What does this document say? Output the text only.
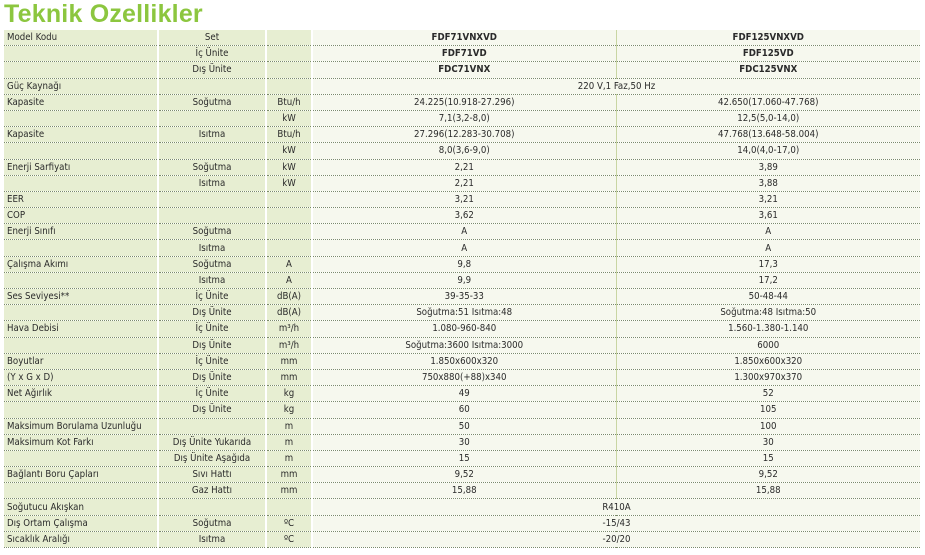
Teknik Ozellikler
Model Kodu	Set		FDF71VNXVD	FDF125VNXVD
	İç Ünite		FDF71VD	FDF125VD
	Dış Ünite		FDC71VNX	FDC125VNX
Güç Kaynağı			220 V,1 Faz,50 Hz	
Kapasite	Soğutma	Btu/h	24.225(10.918-27.296)	42.650(17.060-47.768)
		kW	7,1(3,2-8,0)	12,5(5,0-14,0)
Kapasite	Isıtma	Btu/h	27.296(12.283-30.708)	47.768(13.648-58.004)
		kW	8,0(3,6-9,0)	14,0(4,0-17,0)
Enerji Sarfiyatı	Soğutma	kW	2,21	3,89
	Isıtma	kW	2,21	3,88
EER			3,21	3,21
COP			3,62	3,61
Enerji Sınıfı	Soğutma		A	A
	Isıtma		A	A
Çalışma Akımı	Soğutma	A	9,8	17,3
	Isıtma	A	9,9	17,2
Ses Seviyesi**	İç Ünite	dB(A)	39-35-33	50-48-44
	Dış Ünite	dB(A)	Soğutma:51 Isıtma:48	Soğutma:48 Isıtma:50
Hava Debisi	İç Ünite	m³/h	1.080-960-840	1.560-1.380-1.140
	Dış Ünite	m³/h	Soğutma:3600 Isıtma:3000	6000
Boyutlar	İç Ünite	mm	1.850x600x320	1.850x600x320
(Y x G x D)	Dış Ünite	mm	750x880(+88)x340	1.300x970x370
Net Ağırlık	İç Ünite	kg	49	52
	Dış Ünite	kg	60	105
Maksimum Borulama Uzunluğu		m	50	100
Maksimum Kot Farkı	Dış Ünite Yukarıda	m	30	30
	Dış Ünite Aşağıda	m	15	15
Bağlantı Boru Çapları	Sıvı Hattı	mm	9,52	9,52
	Gaz Hattı	mm	15,88	15,88
Soğutucu Akışkan			R410A	
Dış Ortam Çalışma	Soğutma	ºC	-15/43	
Sıcaklık Aralığı	Isıtma	ºC	-20/20	
